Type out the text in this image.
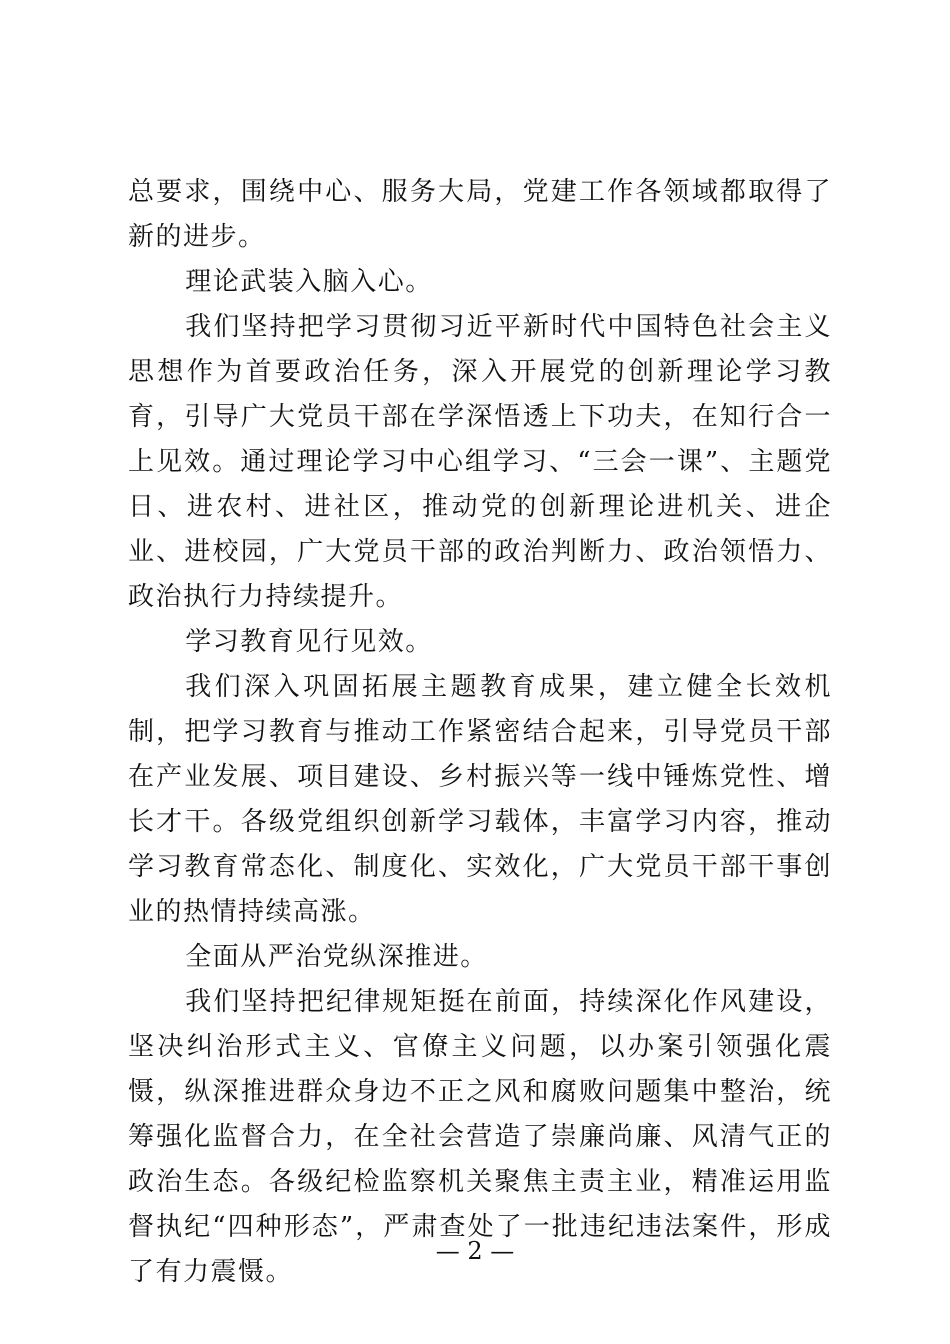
总要求，围绕中心、服务大局，党建工作各领域都取得了新的进步。

理论武装入脑入心。

我们坚持把学习贯彻习近平新时代中国特色社会主义思想作为首要政治任务，深入开展党的创新理论学习教育，引导广大党员干部在学深悟透上下功夫，在知行合一上见效。通过理论学习中心组学习、“三会一课”、主题党日、进农村、进社区，推动党的创新理论进机关、进企业、进校园，广大党员干部的政治判断力、政治领悟力、政治执行力持续提升。

学习教育见行见效。

我们深入巩固拓展主题教育成果，建立健全长效机制，把学习教育与推动工作紧密结合起来，引导党员干部在产业发展、项目建设、乡村振兴等一线中锤炼党性、增长才干。各级党组织创新学习载体，丰富学习内容，推动学习教育常态化、制度化、实效化，广大党员干部干事创业的热情持续高涨。

全面从严治党纵深推进。

我们坚持把纪律规矩挺在前面，持续深化作风建设，坚决纠治形式主义、官僚主义问题，以办案引领强化震慑，纵深推进群众身边不正之风和腐败问题集中整治，统筹强化监督合力，在全社会营造了崇廉尚廉、风清气正的政治生态。各级纪检监察机关聚焦主责主业，精准运用监督执纪“四种形态”，严肃查处了一批违纪违法案件，形成了有力震慑。

— 2 —
